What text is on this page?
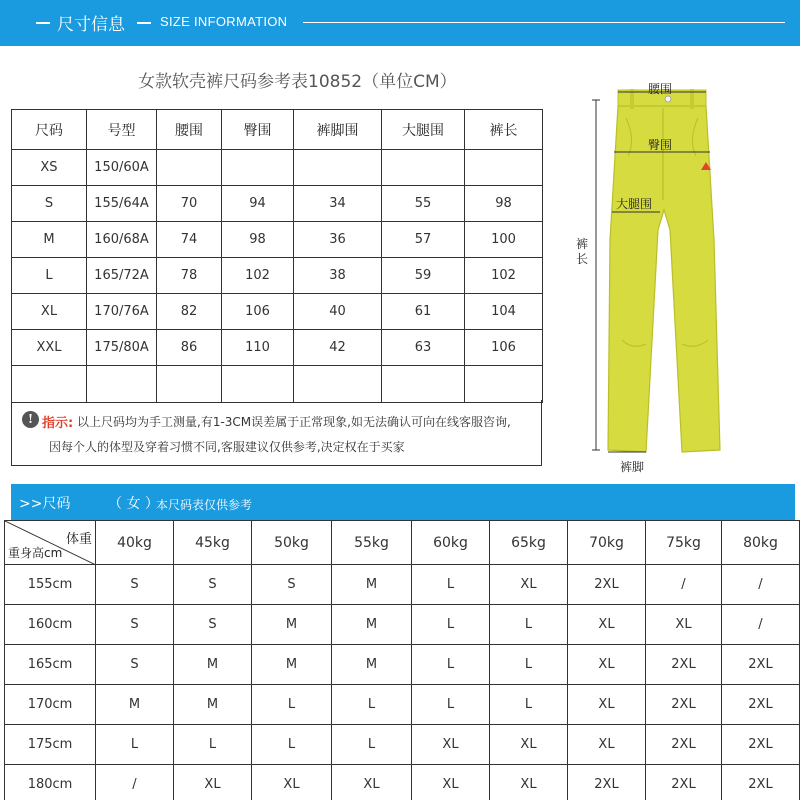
尺寸信息	SIZE INFORMATION
女款软壳裤尺码参考表10852（单位CM）
尺码	号型	腰围	臀围	裤脚围	大腿围	裤长
XS	150/60A					
S	155/64A	70	94	34	55	98
M	160/68A	74	98	36	57	100
L	165/72A	78	102	38	59	102
XL	170/76A	82	106	40	61	104
XXL	175/80A	86	110	42	63	106

! 指示: 以上尺码均为手工测量,有1-3CM误差属于正常现象,如无法确认可向在线客服咨询,
因每个人的体型及穿着习惯不同,客服建议仅供参考,决定权在于买家
腰围
臀围
大腿围
裤
长
裤脚
>>尺码	（ 女 ）
本尺码表仅供参考
体重
重身高cm	40kg	45kg	50kg	55kg	60kg	65kg	70kg	75kg	80kg
155cm	S	S	S	M	L	XL	2XL	/	/
160cm	S	S	M	M	L	L	XL	XL	/
165cm	S	M	M	M	L	L	XL	2XL	2XL
170cm	M	M	L	L	L	L	XL	2XL	2XL
175cm	L	L	L	L	XL	XL	XL	2XL	2XL
180cm	/	XL	XL	XL	XL	XL	2XL	2XL	2XL
